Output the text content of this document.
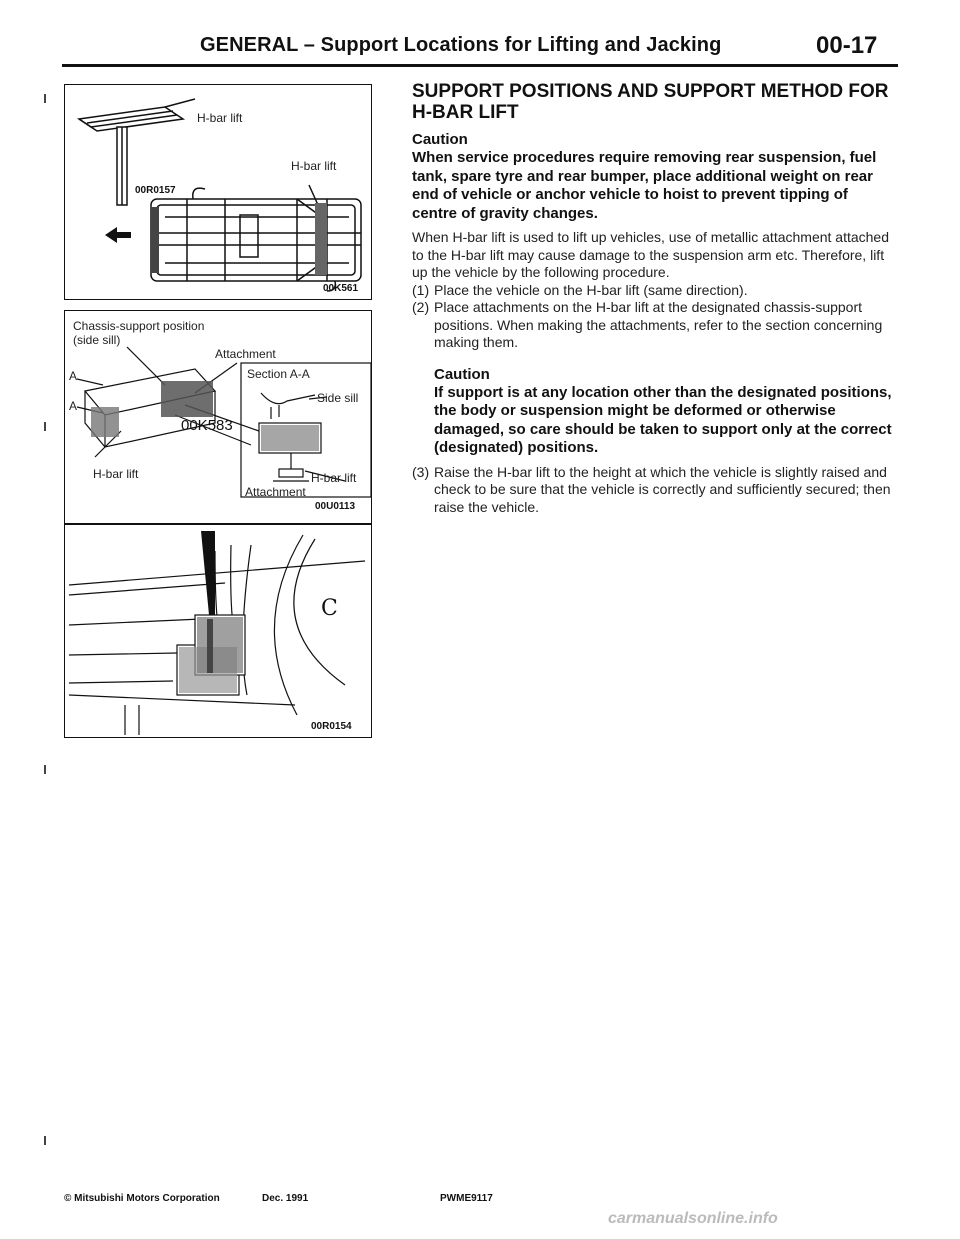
GENERAL – Support Locations for Lifting and Jacking	00-17
H-bar lift
H-bar lift
00R0157
00K561
Chassis-support position
(side sill)
Attachment
A
A
Section A-A
Side sill
00K583
H-bar lift	H-bar lift
Attachment
00U0113
C
00R0154
SUPPORT POSITIONS AND SUPPORT METHOD FOR H-BAR LIFT
Caution
When service procedures require removing rear suspension, fuel tank, spare tyre and rear bumper, place additional weight on rear end of vehicle or anchor vehicle to hoist to prevent tipping of centre of gravity changes.
When H-bar lift is used to lift up vehicles, use of metallic attachment attached to the H-bar lift may cause damage to the suspension arm etc. Therefore, lift up the vehicle by the following procedure.
(1) Place the vehicle on the H-bar lift (same direction).
(2) Place attachments on the H-bar lift at the designated chassis-support positions. When making the attachments, refer to the section concerning making them.
Caution
If support is at any location other than the designated positions, the body or suspension might be deformed or otherwise damaged, so care should be taken to support only at the correct (designated) positions.
(3) Raise the H-bar lift to the height at which the vehicle is slightly raised and check to be sure that the vehicle is correctly and sufficiently secured; then raise the vehicle.
© Mitsubishi Motors Corporation	Dec. 1991	PWME9117
carmanualsonline.info
